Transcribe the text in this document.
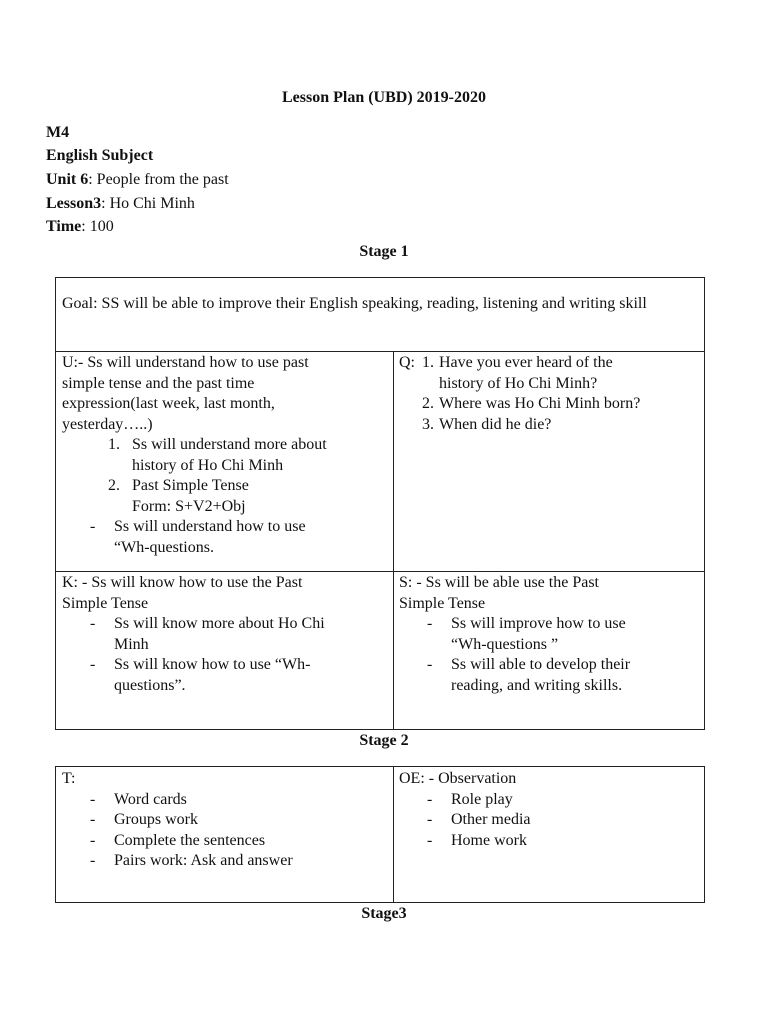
Lesson Plan (UBD) 2019-2020
M4
English Subject
Unit 6: People from the past
Lesson3: Ho Chi Minh
Time: 100
Stage 1
Goal: SS will be able to improve their English speaking, reading, listening and writing skill
U:- Ss will understand how to use past
simple tense and the past time
expression(last week, last month,
yesterday…..)
1. Ss will understand more about
history of Ho Chi Minh
2. Past Simple Tense
Form: S+V2+Obj
- Ss will understand how to use
“Wh-questions.
Q: 1. Have you ever heard of the
history of Ho Chi Minh?
2. Where was Ho Chi Minh born?
3. When did he die?
K: - Ss will know how to use the Past
Simple Tense
- Ss will know more about Ho Chi
Minh
- Ss will know how to use “Wh-
questions”.
S: - Ss will be able use the Past
Simple Tense
- Ss will improve how to use
“Wh-questions ”
- Ss will able to develop their
reading, and writing skills.
Stage 2
T:
- Word cards
- Groups work
- Complete the sentences
- Pairs work: Ask and answer
OE: - Observation
- Role play
- Other media
- Home work
Stage3
